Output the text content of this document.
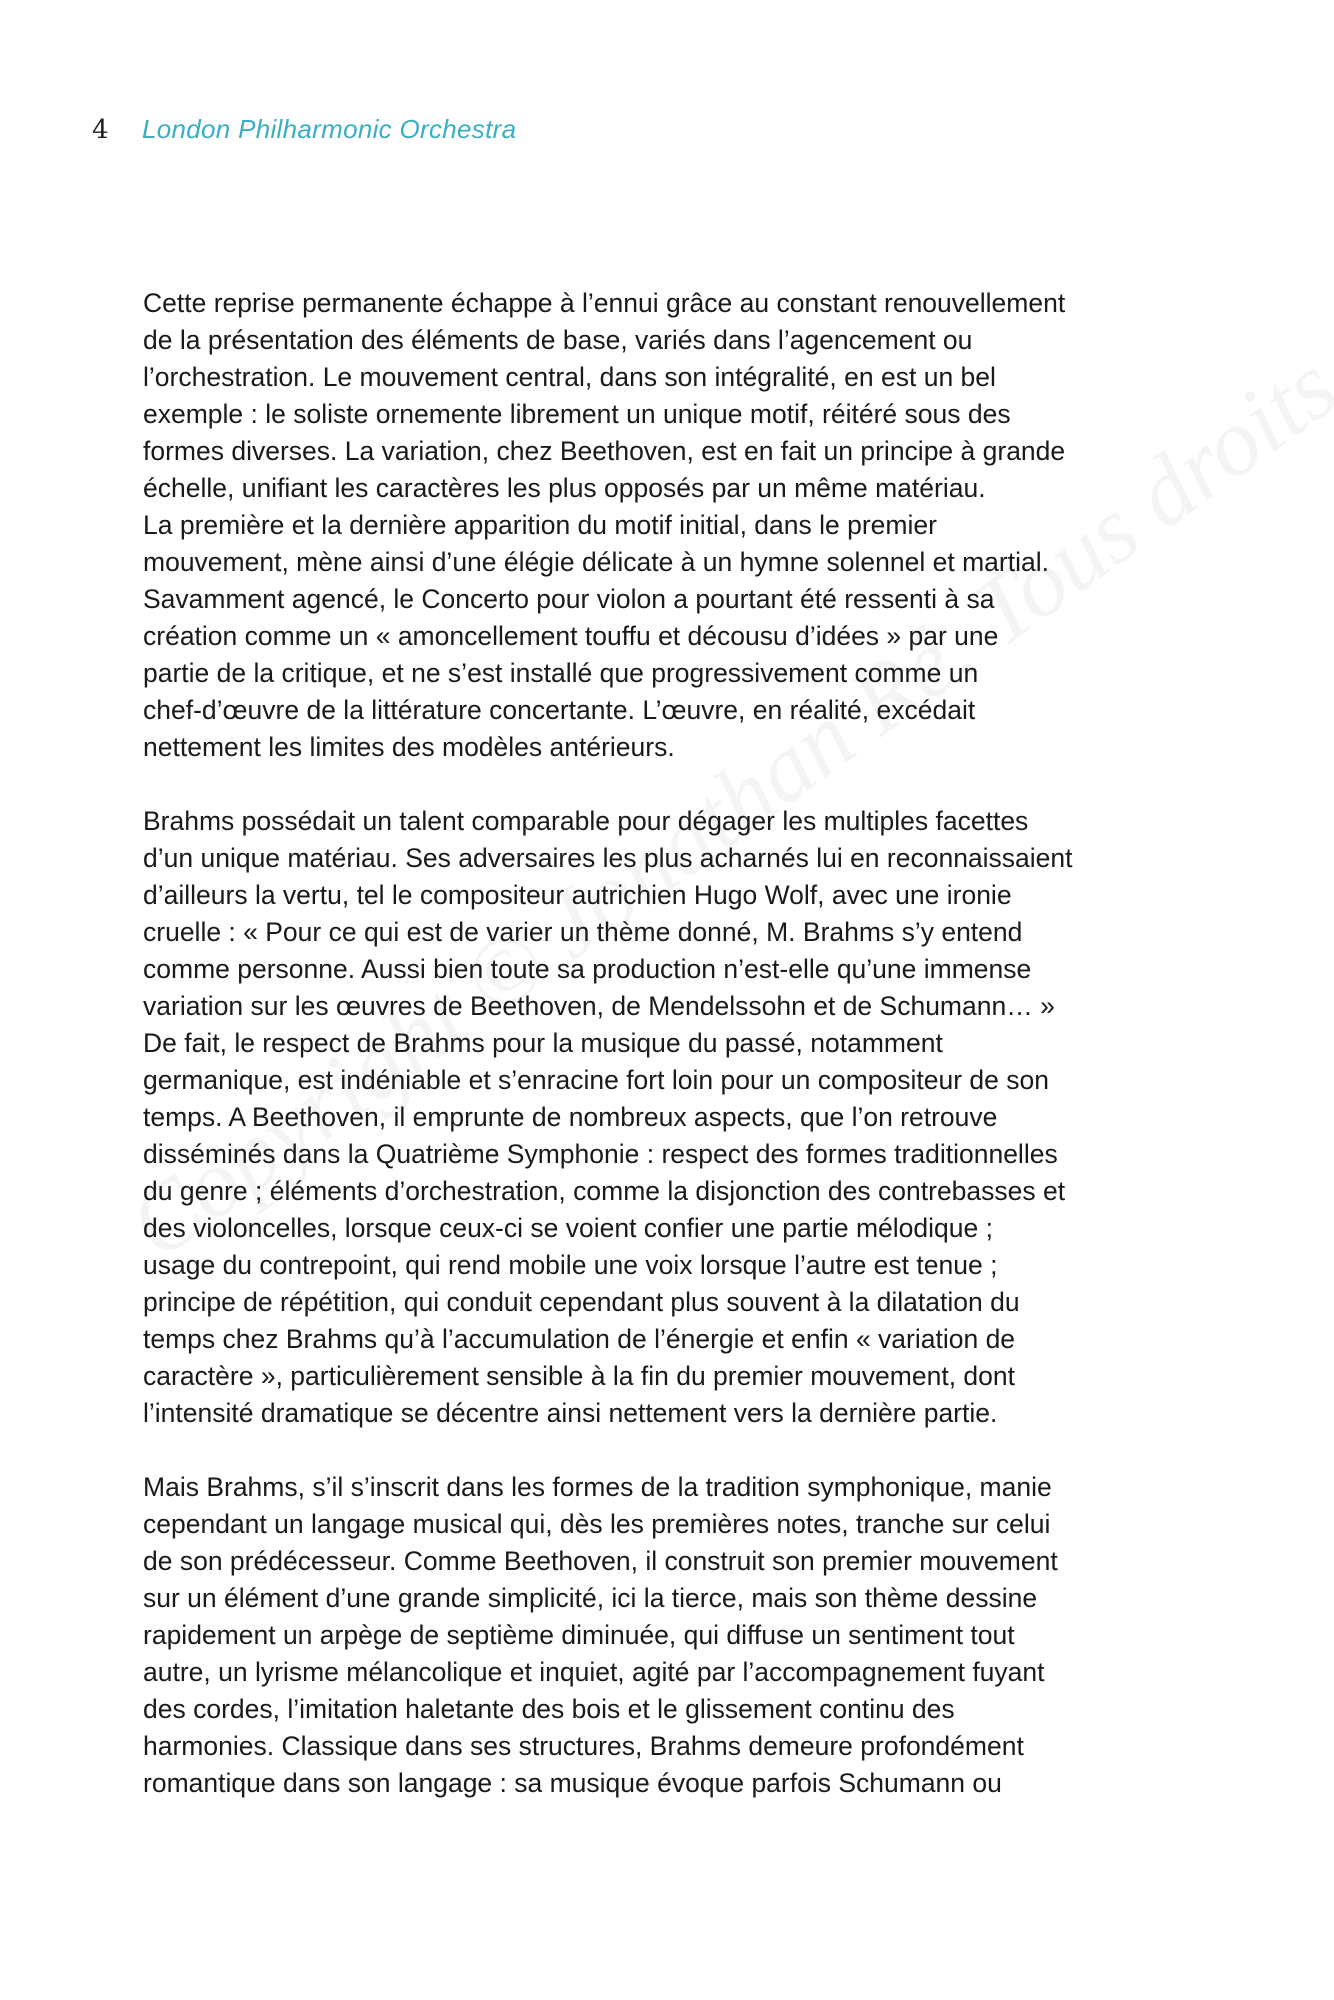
4	London Philharmonic Orchestra

Cette reprise permanente échappe à l’ennui grâce au constant renouvellement
de la présentation des éléments de base, variés dans l’agencement ou
l’orchestration. Le mouvement central, dans son intégralité, en est un bel
exemple : le soliste ornemente librement un unique motif, réitéré sous des
formes diverses. La variation, chez Beethoven, est en fait un principe à grande
échelle, unifiant les caractères les plus opposés par un même matériau.
La première et la dernière apparition du motif initial, dans le premier
mouvement, mène ainsi d’une élégie délicate à un hymne solennel et martial.
Savamment agencé, le Concerto pour violon a pourtant été ressenti à sa
création comme un « amoncellement touffu et décousu d’idées » par une
partie de la critique, et ne s’est installé que progressivement comme un
chef-d’œuvre de la littérature concertante. L’œuvre, en réalité, excédait
nettement les limites des modèles antérieurs.

Brahms possédait un talent comparable pour dégager les multiples facettes
d’un unique matériau. Ses adversaires les plus acharnés lui en reconnaissaient
d’ailleurs la vertu, tel le compositeur autrichien Hugo Wolf, avec une ironie
cruelle : « Pour ce qui est de varier un thème donné, M. Brahms s’y entend
comme personne. Aussi bien toute sa production n’est-elle qu’une immense
variation sur les œuvres de Beethoven, de Mendelssohn et de Schumann… »
De fait, le respect de Brahms pour la musique du passé, notamment
germanique, est indéniable et s’enracine fort loin pour un compositeur de son
temps. A Beethoven, il emprunte de nombreux aspects, que l’on retrouve
disséminés dans la Quatrième Symphonie : respect des formes traditionnelles
du genre ; éléments d’orchestration, comme la disjonction des contrebasses et
des violoncelles, lorsque ceux-ci se voient confier une partie mélodique ;
usage du contrepoint, qui rend mobile une voix lorsque l’autre est tenue ;
principe de répétition, qui conduit cependant plus souvent à la dilatation du
temps chez Brahms qu’à l’accumulation de l’énergie et enfin « variation de
caractère », particulièrement sensible à la fin du premier mouvement, dont
l’intensité dramatique se décentre ainsi nettement vers la dernière partie.

Mais Brahms, s’il s’inscrit dans les formes de la tradition symphonique, manie
cependant un langage musical qui, dès les premières notes, tranche sur celui
de son prédécesseur. Comme Beethoven, il construit son premier mouvement
sur un élément d’une grande simplicité, ici la tierce, mais son thème dessine
rapidement un arpège de septième diminuée, qui diffuse un sentiment tout
autre, un lyrisme mélancolique et inquiet, agité par l’accompagnement fuyant
des cordes, l’imitation haletante des bois et le glissement continu des
harmonies. Classique dans ses structures, Brahms demeure profondément
romantique dans son langage : sa musique évoque parfois Schumann ou
